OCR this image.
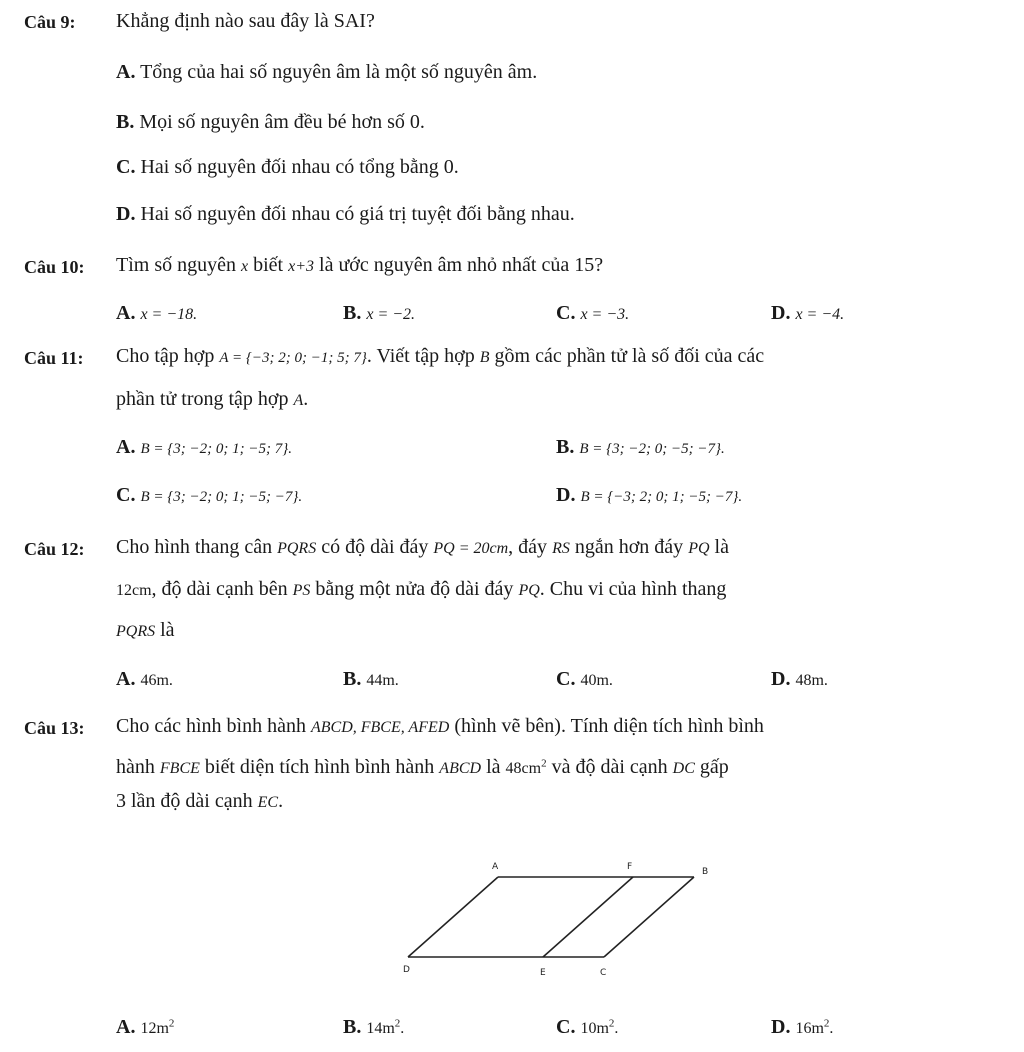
Câu 9: Khẳng định nào sau đây là SAI?
A. Tổng của hai số nguyên âm là một số nguyên âm.
B. Mọi số nguyên âm đều bé hơn số 0.
C. Hai số nguyên đối nhau có tổng bằng 0.
D. Hai số nguyên đối nhau có giá trị tuyệt đối bằng nhau.
Câu 10: Tìm số nguyên x biết x+3 là ước nguyên âm nhỏ nhất của 15?
A. x = −18.	B. x = −2.	C. x = −3.	D. x = −4.
Câu 11: Cho tập hợp A = {−3; 2; 0; −1; 5; 7}. Viết tập hợp B gồm các phần tử là số đối của các
phần tử trong tập hợp A.
A. B = {3; −2; 0; 1; −5; 7}.	B. B = {3; −2; 0; −5; −7}.
C. B = {3; −2; 0; 1; −5; −7}.	D. B = {−3; 2; 0; 1; −5; −7}.
Câu 12: Cho hình thang cân PQRS có độ dài đáy PQ = 20cm, đáy RS ngắn hơn đáy PQ là
12cm, độ dài cạnh bên PS bằng một nửa độ dài đáy PQ. Chu vi của hình thang
PQRS là
A. 46m.	B. 44m.	C. 40m.	D. 48m.
Câu 13: Cho các hình bình hành ABCD, FBCE, AFED (hình vẽ bên). Tính diện tích hình bình
hành FBCE biết diện tích hình bình hành ABCD là $48cm^2$ và độ dài cạnh DC gấp
3 lần độ dài cạnh EC.
A	F	B
D	E	C
A. $12m^2$	B. $14m^2$.	C. $10m^2$.	D. $16m^2$.
